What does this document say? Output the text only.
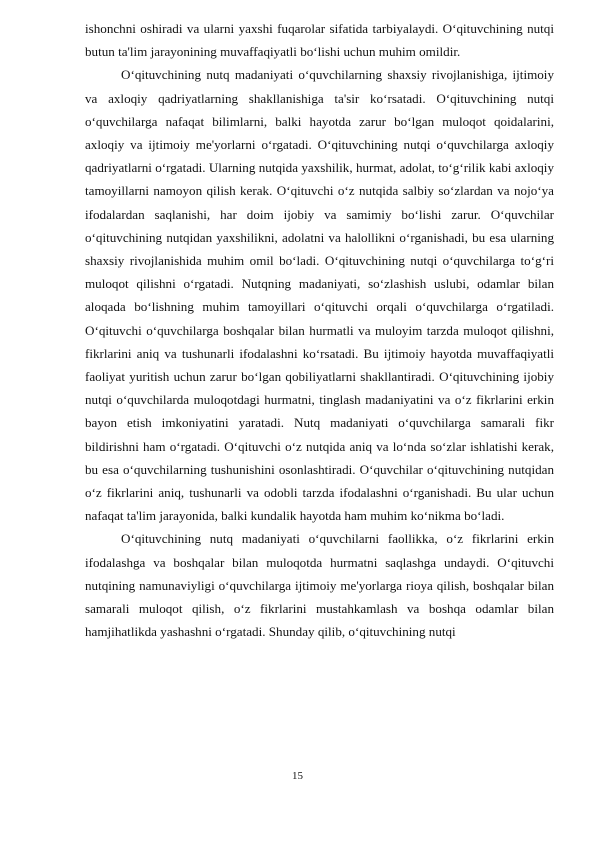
ishonchni oshiradi va ularni yaxshi fuqarolar sifatida tarbiyalaydi. O‘qituvchining nutqi butun ta'lim jarayonining muvaffaqiyatli bo‘lishi uchun muhim omildir.

O‘qituvchining nutq madaniyati o‘quvchilarning shaxsiy rivojlanishiga, ijtimoiy va axloqiy qadriyatlarning shakllanishiga ta'sir ko‘rsatadi. O‘qituvchining nutqi o‘quvchilarga nafaqat bilimlarni, balki hayotda zarur bo‘lgan muloqot qoidalarini, axloqiy va ijtimoiy me'yorlarni o‘rgatadi. O‘qituvchining nutqi o‘quvchilarga axloqiy qadriyatlarni o‘rgatadi. Ularning nutqida yaxshilik, hurmat, adolat, to‘g‘rilik kabi axloqiy tamoyillarni namoyon qilish kerak. O‘qituvchi o‘z nutqida salbiy so‘zlardan va nojo‘ya ifodalardan saqlanishi, har doim ijobiy va samimiy bo‘lishi zarur. O‘quvchilar o‘qituvchining nutqidan yaxshilikni, adolatni va halollikni o‘rganishadi, bu esa ularning shaxsiy rivojlanishida muhim omil bo‘ladi. O‘qituvchining nutqi o‘quvchilarga to‘g‘ri muloqot qilishni o‘rgatadi. Nutqning madaniyati, so‘zlashish uslubi, odamlar bilan aloqada bo‘lishning muhim tamoyillari o‘qituvchi orqali o‘quvchilarga o‘rgatiladi. O‘qituvchi o‘quvchilarga boshqalar bilan hurmatli va muloyim tarzda muloqot qilishni, fikrlarini aniq va tushunarli ifodalashni ko‘rsatadi. Bu ijtimoiy hayotda muvaffaqiyatli faoliyat yuritish uchun zarur bo‘lgan qobiliyatlarni shakllantiradi. O‘qituvchining ijobiy nutqi o‘quvchilarda muloqotdagi hurmatni, tinglash madaniyatini va o‘z fikrlarini erkin bayon etish imkoniyatini yaratadi. Nutq madaniyati o‘quvchilarga samarali fikr bildirishni ham o‘rgatadi. O‘qituvchi o‘z nutqida aniq va lo‘nda so‘zlar ishlatishi kerak, bu esa o‘quvchilarning tushunishini osonlashtiradi. O‘quvchilar o‘qituvchining nutqidan o‘z fikrlarini aniq, tushunarli va odobli tarzda ifodalashni o‘rganishadi. Bu ular uchun nafaqat ta'lim jarayonida, balki kundalik hayotda ham muhim ko‘nikma bo‘ladi.

O‘qituvchining nutq madaniyati o‘quvchilarni faollikka, o‘z fikrlarini erkin ifodalashga va boshqalar bilan muloqotda hurmatni saqlashga undaydi. O‘qituvchi nutqining namunaviyligi o‘quvchilarga ijtimoiy me'yorlarga rioya qilish, boshqalar bilan samarali muloqot qilish, o‘z fikrlarini mustahkamlash va boshqa odamlar bilan hamjihatlikda yashashni o‘rgatadi. Shunday qilib, o‘qituvchining nutqi

15
